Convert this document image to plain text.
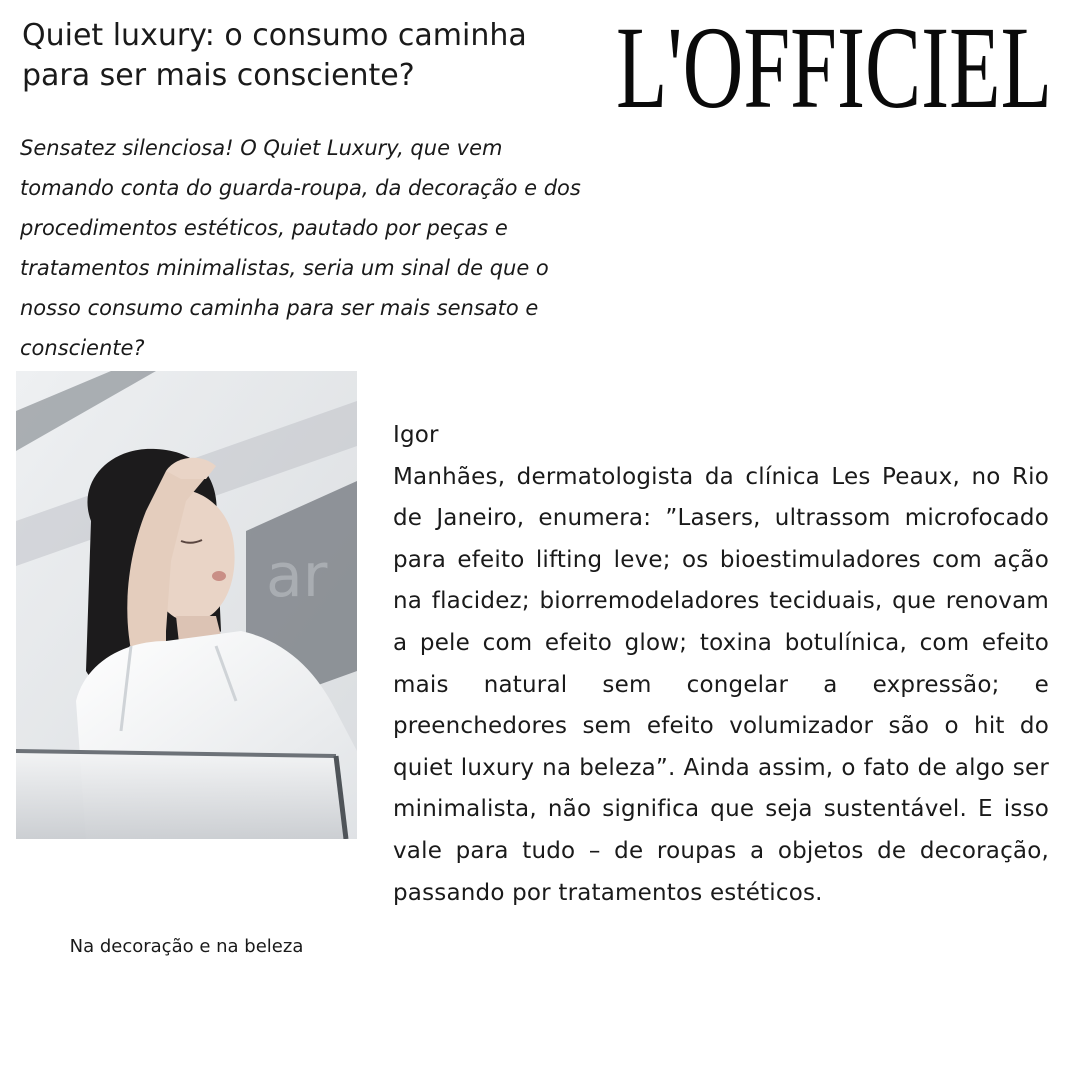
Quiet luxury: o consumo caminha para ser mais consciente?	L'OFFICIEL

Sensatez silenciosa! O Quiet Luxury, que vem tomando conta do guarda-roupa, da decoração e dos procedimentos estéticos, pautado por peças e tratamentos minimalistas, seria um sinal de que o nosso consumo caminha para ser mais sensato e consciente?

ar
Na decoração e na beleza

Igor
Manhães, dermatologista da clínica Les Peaux, no Rio de Janeiro, enumera: ”Lasers, ultrassom microfocado para efeito lifting leve; os bioestimuladores com ação na flacidez; biorremodeladores teciduais, que renovam a pele com efeito glow; toxina botulínica, com efeito mais natural sem congelar a expressão; e preenchedores sem efeito volumizador são o hit do quiet luxury na beleza”. Ainda assim, o fato de algo ser minimalista, não significa que seja sustentável. E isso vale para tudo – de roupas a objetos de decoração, passando por tratamentos estéticos.
